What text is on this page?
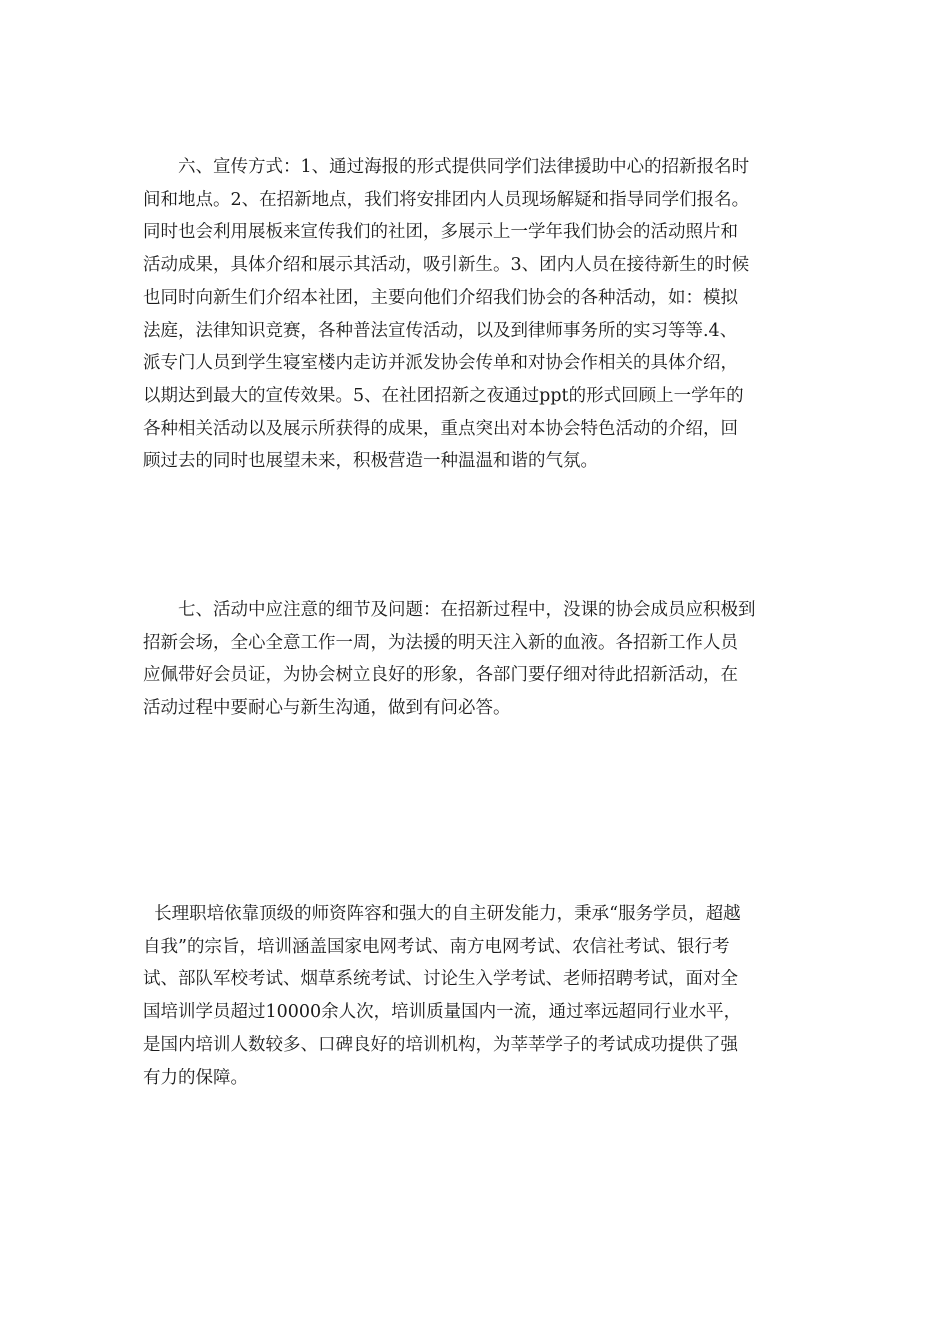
　　六、宣传方式：1、通过海报的形式提供同学们法律援助中心的招新报名时
间和地点。2、在招新地点，我们将安排团内人员现场解疑和指导同学们报名。
同时也会利用展板来宣传我们的社团，多展示上一学年我们协会的活动照片和
活动成果，具体介绍和展示其活动，吸引新生。3、团内人员在接待新生的时候
也同时向新生们介绍本社团，主要向他们介绍我们协会的各种活动，如：模拟
法庭，法律知识竞赛，各种普法宣传活动，以及到律师事务所的实习等等.4、
派专门人员到学生寝室楼内走访并派发协会传单和对协会作相关的具体介绍，
以期达到最大的宣传效果。5、在社团招新之夜通过ppt的形式回顾上一学年的
各种相关活动以及展示所获得的成果，重点突出对本协会特色活动的介绍，回
顾过去的同时也展望未来，积极营造一种温温和谐的气氛。

　　七、活动中应注意的细节及问题：在招新过程中，没课的协会成员应积极到
招新会场，全心全意工作一周，为法援的明天注入新的血液。各招新工作人员
应佩带好会员证，为协会树立良好的形象，各部门要仔细对待此招新活动，在
活动过程中要耐心与新生沟通，做到有问必答。

长理职培依靠顶级的师资阵容和强大的自主研发能力，秉承“服务学员，超越
自我”的宗旨，培训涵盖国家电网考试、南方电网考试、农信社考试、银行考
试、部队军校考试、烟草系统考试、讨论生入学考试、老师招聘考试，面对全
国培训学员超过10000余人次，培训质量国内一流，通过率远超同行业水平，
是国内培训人数较多、口碑良好的培训机构，为莘莘学子的考试成功提供了强
有力的保障。
